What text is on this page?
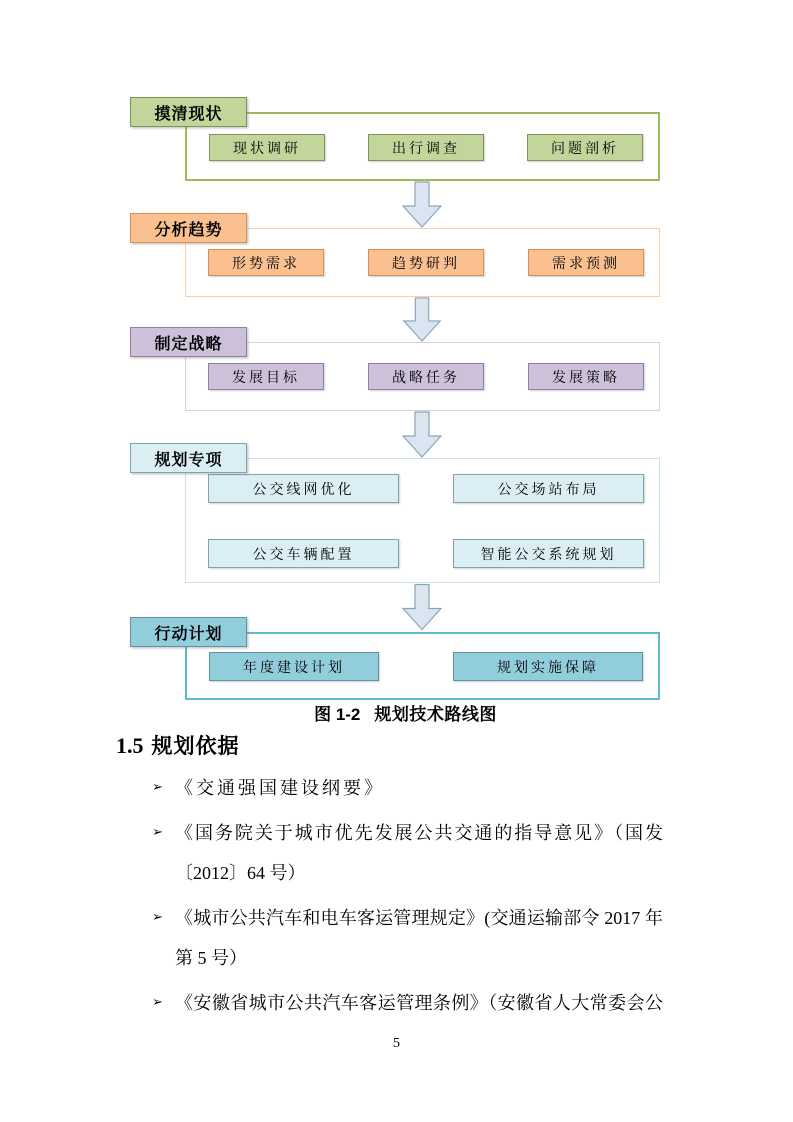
摸清现状
现状调研	出行调查	问题剖析
分析趋势
形势需求	趋势研判	需求预测
制定战略
发展目标	战略任务	发展策略
规划专项
公交线网优化	公交场站布局
公交车辆配置	智能公交系统规划
行动计划
年度建设计划	规划实施保障
图 1-2 规划技术路线图
1.5 规划依据
➢ 《交通强国建设纲要》
➢ 《国务院关于城市优先发展公共交通的指导意见》（国发
〔2012〕64 号）
➢ 《城市公共汽车和电车客运管理规定》(交通运输部令 2017 年
第 5 号）
➢ 《安徽省城市公共汽车客运管理条例》（安徽省人大常委会公
5
